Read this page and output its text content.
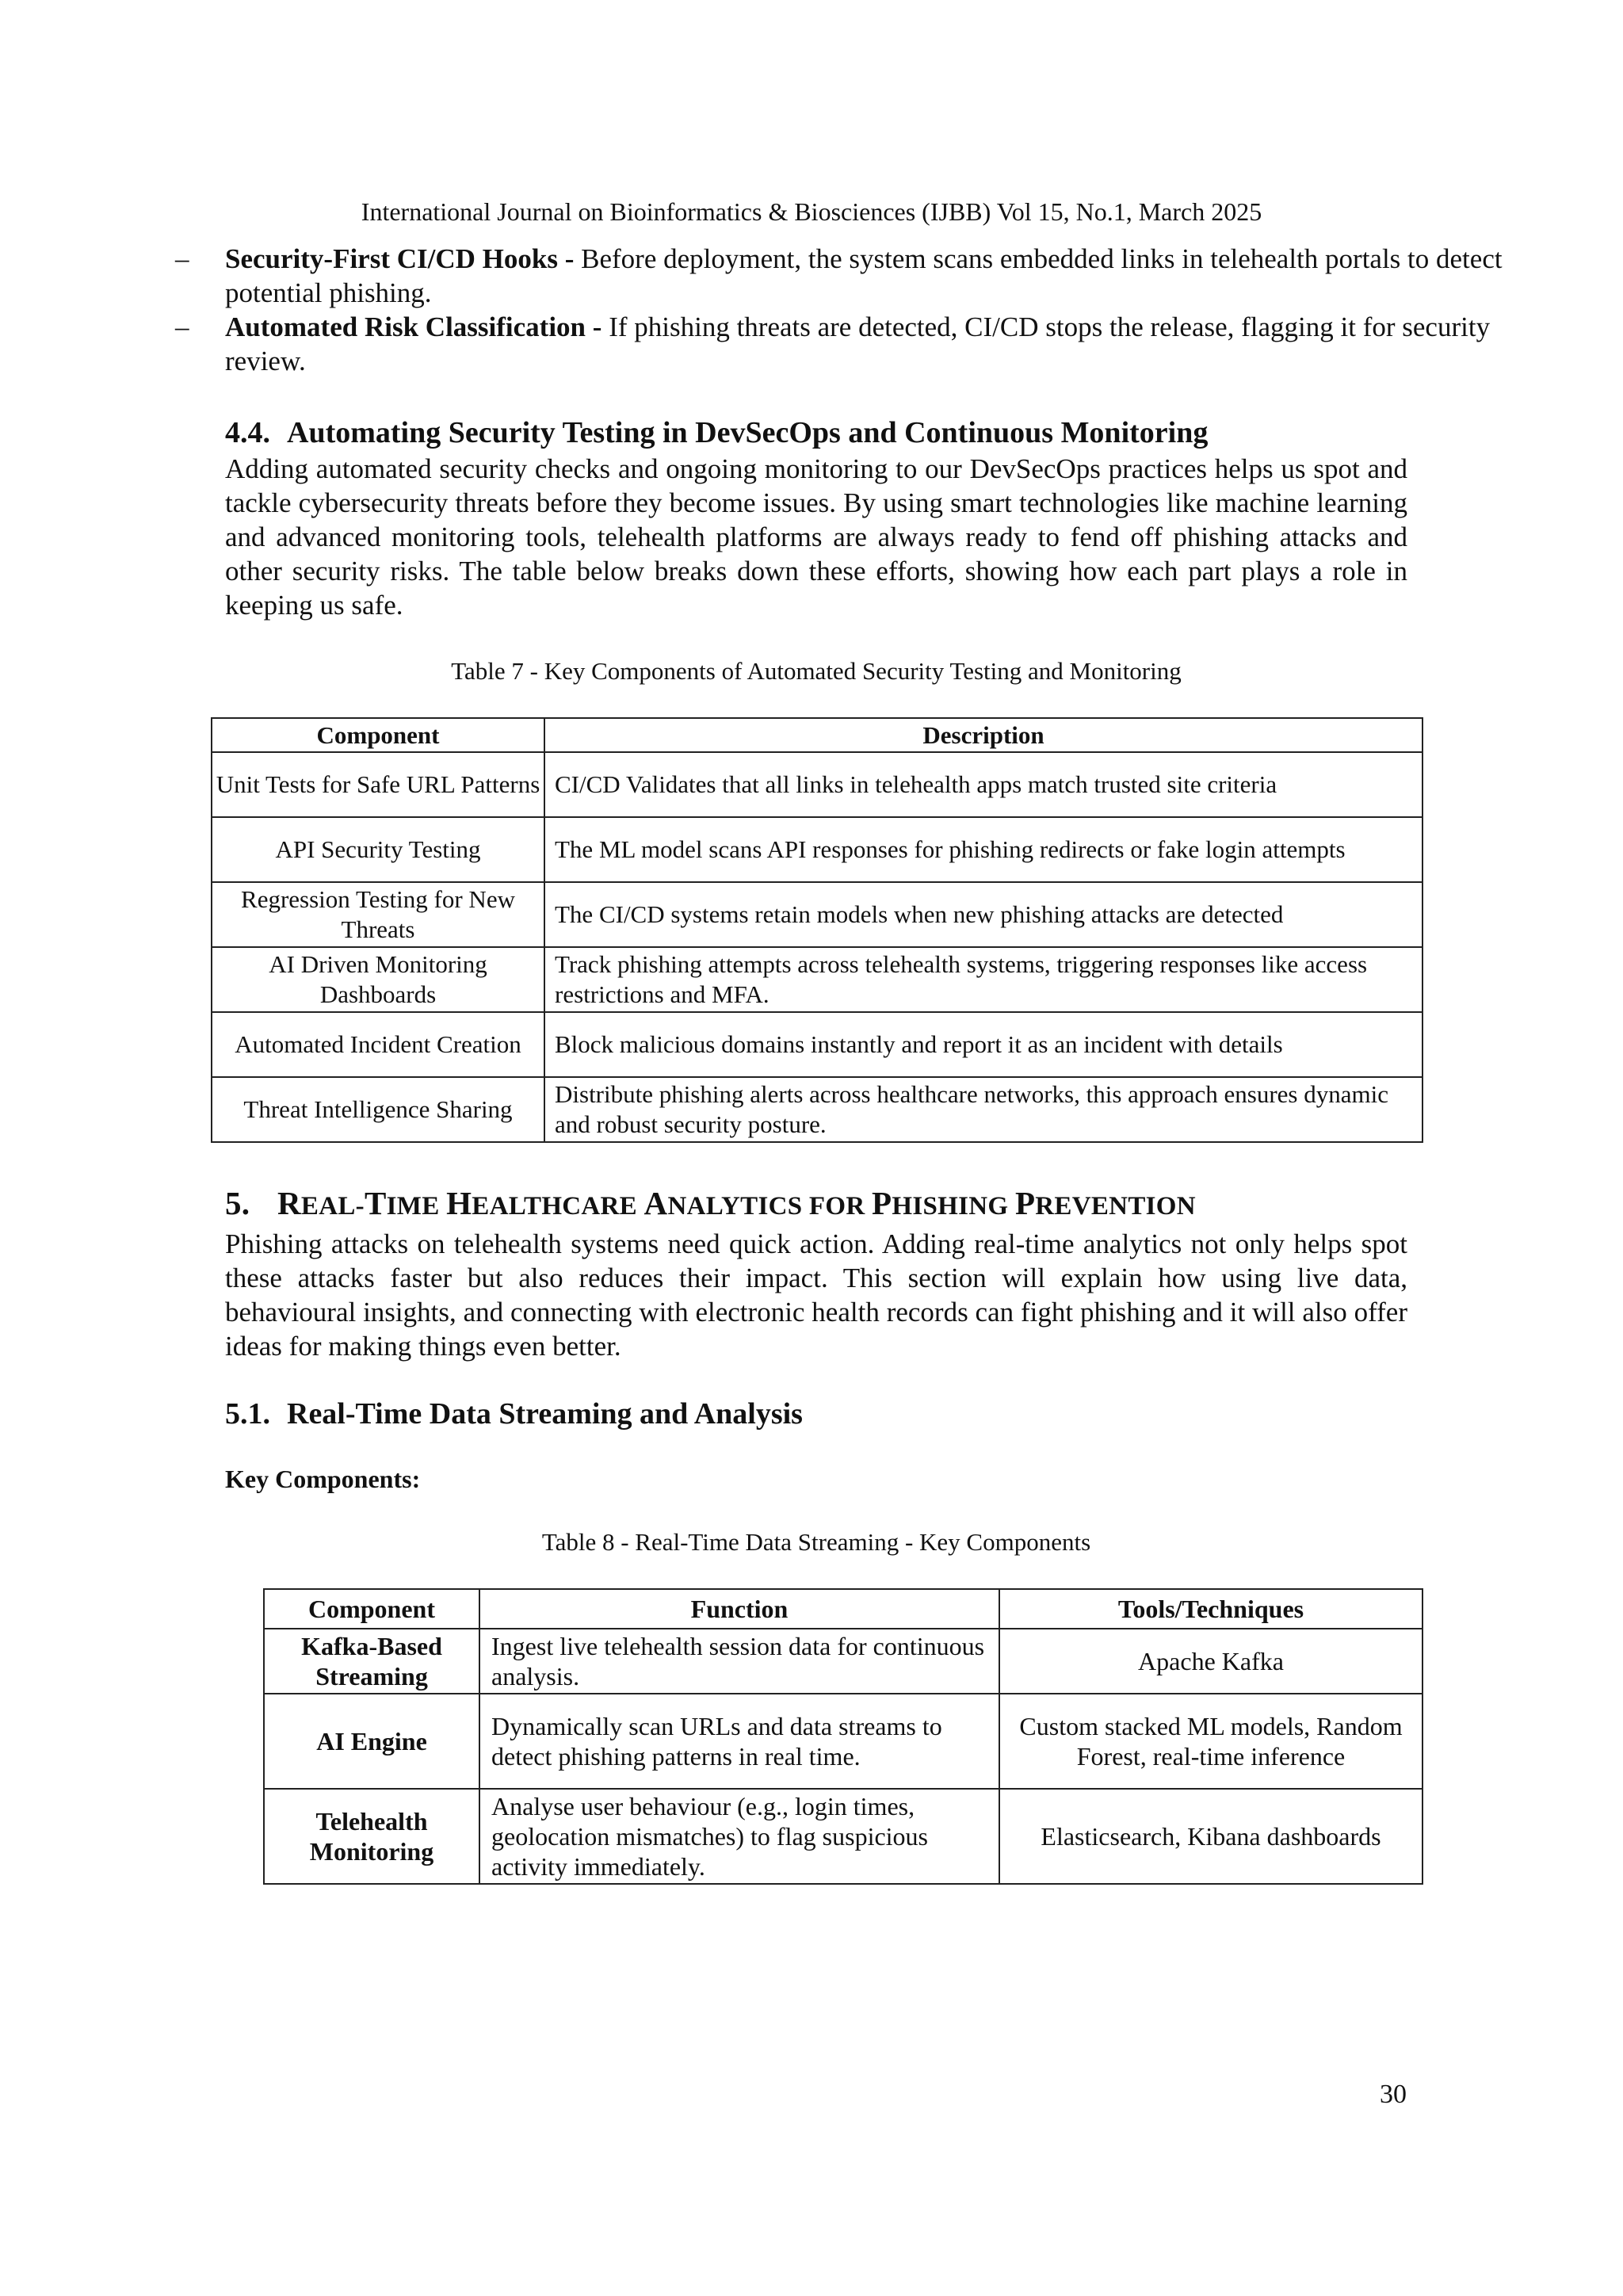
International Journal on Bioinformatics & Biosciences (IJBB) Vol 15, No.1, March 2025
– Security-First CI/CD Hooks - Before deployment, the system scans embedded links in telehealth portals to detect potential phishing.
– Automated Risk Classification - If phishing threats are detected, CI/CD stops the release, flagging it for security review.
4.4. Automating Security Testing in DevSecOps and Continuous Monitoring

Adding automated security checks and ongoing monitoring to our DevSecOps practices helps us spot and tackle cybersecurity threats before they become issues. By using smart technologies like machine learning and advanced monitoring tools, telehealth platforms are always ready to fend off phishing attacks and other security risks. The table below breaks down these efforts, showing how each part plays a role in keeping us safe.

Table 7 - Key Components of Automated Security Testing and Monitoring

Component	Description
Unit Tests for Safe URL Patterns	CI/CD Validates that all links in telehealth apps match trusted site criteria
API Security Testing	The ML model scans API responses for phishing redirects or fake login attempts
Regression Testing for New Threats	The CI/CD systems retain models when new phishing attacks are detected
AI Driven Monitoring Dashboards	Track phishing attempts across telehealth systems, triggering responses like access restrictions and MFA.
Automated Incident Creation	Block malicious domains instantly and report it as an incident with details
Threat Intelligence Sharing	Distribute phishing alerts across healthcare networks, this approach ensures dynamic and robust security posture.
5. REAL-TIME HEALTHCARE ANALYTICS FOR PHISHING PREVENTION

Phishing attacks on telehealth systems need quick action. Adding real-time analytics not only helps spot these attacks faster but also reduces their impact. This section will explain how using live data, behavioural insights, and connecting with electronic health records can fight phishing and it will also offer ideas for making things even better.

5.1. Real-Time Data Streaming and Analysis
Key Components:

Table 8 - Real-Time Data Streaming - Key Components

Component	Function	Tools/Techniques
Kafka-Based Streaming	Ingest live telehealth session data for continuous analysis.	Apache Kafka
AI Engine	Dynamically scan URLs and data streams to detect phishing patterns in real time.	Custom stacked ML models, Random Forest, real-time inference
Telehealth Monitoring	Analyse user behaviour (e.g., login times, geolocation mismatches) to flag suspicious activity immediately.	Elasticsearch, Kibana dashboards
30
